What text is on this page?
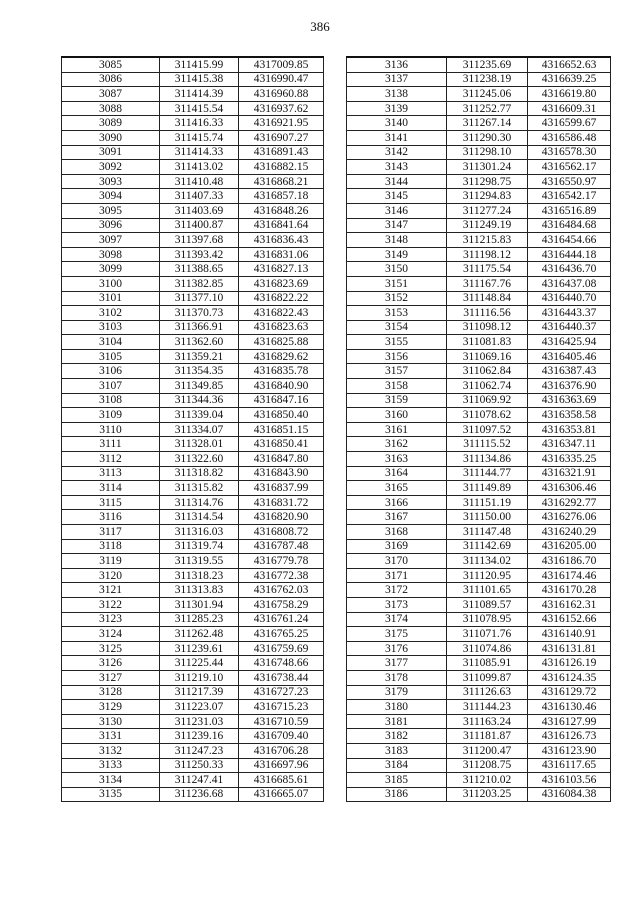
386
3085	311415.99	4317009.85
3086	311415.38	4316990.47
3087	311414.39	4316960.88
3088	311415.54	4316937.62
3089	311416.33	4316921.95
3090	311415.74	4316907.27
3091	311414.33	4316891.43
3092	311413.02	4316882.15
3093	311410.48	4316868.21
3094	311407.33	4316857.18
3095	311403.69	4316848.26
3096	311400.87	4316841.64
3097	311397.68	4316836.43
3098	311393.42	4316831.06
3099	311388.65	4316827.13
3100	311382.85	4316823.69
3101	311377.10	4316822.22
3102	311370.73	4316822.43
3103	311366.91	4316823.63
3104	311362.60	4316825.88
3105	311359.21	4316829.62
3106	311354.35	4316835.78
3107	311349.85	4316840.90
3108	311344.36	4316847.16
3109	311339.04	4316850.40
3110	311334.07	4316851.15
3111	311328.01	4316850.41
3112	311322.60	4316847.80
3113	311318.82	4316843.90
3114	311315.82	4316837.99
3115	311314.76	4316831.72
3116	311314.54	4316820.90
3117	311316.03	4316808.72
3118	311319.74	4316787.48
3119	311319.55	4316779.78
3120	311318.23	4316772.38
3121	311313.83	4316762.03
3122	311301.94	4316758.29
3123	311285.23	4316761.24
3124	311262.48	4316765.25
3125	311239.61	4316759.69
3126	311225.44	4316748.66
3127	311219.10	4316738.44
3128	311217.39	4316727.23
3129	311223.07	4316715.23
3130	311231.03	4316710.59
3131	311239.16	4316709.40
3132	311247.23	4316706.28
3133	311250.33	4316697.96
3134	311247.41	4316685.61
3135	311236.68	4316665.07
3136	311235.69	4316652.63
3137	311238.19	4316639.25
3138	311245.06	4316619.80
3139	311252.77	4316609.31
3140	311267.14	4316599.67
3141	311290.30	4316586.48
3142	311298.10	4316578.30
3143	311301.24	4316562.17
3144	311298.75	4316550.97
3145	311294.83	4316542.17
3146	311277.24	4316516.89
3147	311249.19	4316484.68
3148	311215.83	4316454.66
3149	311198.12	4316444.18
3150	311175.54	4316436.70
3151	311167.76	4316437.08
3152	311148.84	4316440.70
3153	311116.56	4316443.37
3154	311098.12	4316440.37
3155	311081.83	4316425.94
3156	311069.16	4316405.46
3157	311062.84	4316387.43
3158	311062.74	4316376.90
3159	311069.92	4316363.69
3160	311078.62	4316358.58
3161	311097.52	4316353.81
3162	311115.52	4316347.11
3163	311134.86	4316335.25
3164	311144.77	4316321.91
3165	311149.89	4316306.46
3166	311151.19	4316292.77
3167	311150.00	4316276.06
3168	311147.48	4316240.29
3169	311142.69	4316205.00
3170	311134.02	4316186.70
3171	311120.95	4316174.46
3172	311101.65	4316170.28
3173	311089.57	4316162.31
3174	311078.95	4316152.66
3175	311071.76	4316140.91
3176	311074.86	4316131.81
3177	311085.91	4316126.19
3178	311099.87	4316124.35
3179	311126.63	4316129.72
3180	311144.23	4316130.46
3181	311163.24	4316127.99
3182	311181.87	4316126.73
3183	311200.47	4316123.90
3184	311208.75	4316117.65
3185	311210.02	4316103.56
3186	311203.25	4316084.38
